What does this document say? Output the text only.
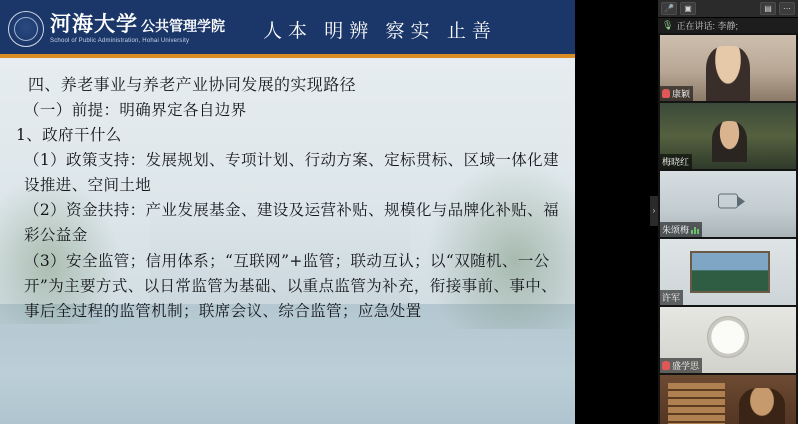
河海大学 公共管理学院
School of Public Administration, Hohai University	人本 明辨 察实 止善
四、养老事业与养老产业协同发展的实现路径
（一）前提：明确界定各自边界
1、政府干什么
（1）政策支持：发展规划、专项计划、行动方案、定标贯标、区域一体化建设推进、空间土地
（2）资金扶持：产业发展基金、建设及运营补贴、规模化与品牌化补贴、福彩公益金
（3）安全监管；信用体系；“互联网”+监管；联动互认；以“双随机、一公开”为主要方式、以日常监管为基础、以重点监管为补充，衔接事前、事中、事后全过程的监管机制；联席会议、综合监管；应急处置
›
🎤	▣	▤	⋯
🎙 正在讲话: 李静;
康颖
梅晓红
朱颂梅
许军
盛学思
